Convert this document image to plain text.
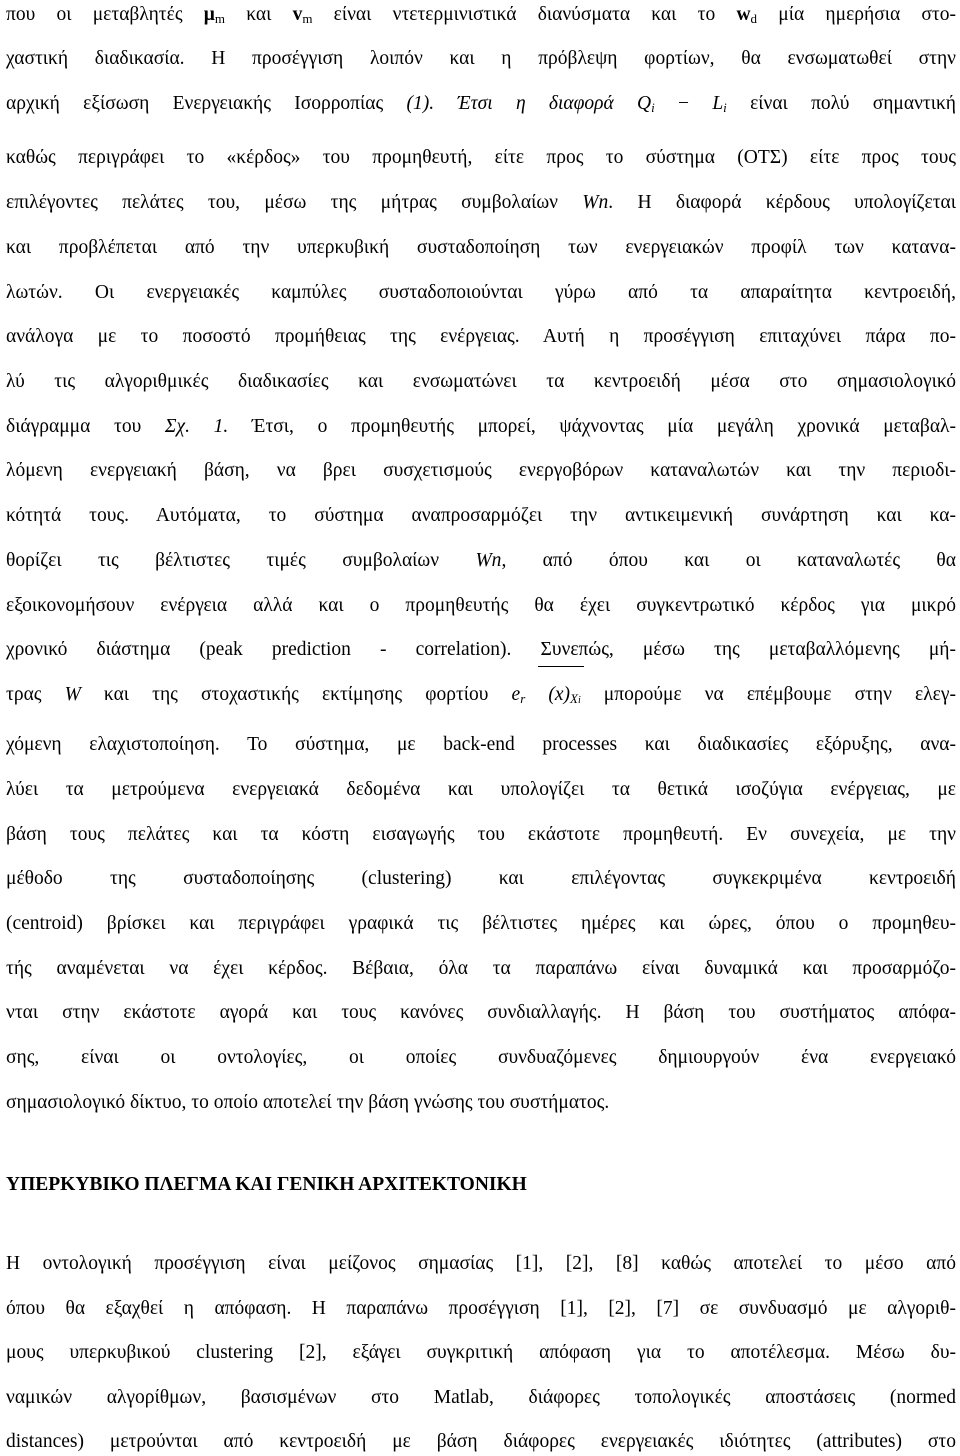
που οι μεταβλητές $\mu_m$ και $v_m$ είναι ντετερμινιστικά διανύσματα και το $w_d$ μία ημερήσια στο-
χαστική διαδικασία. Η προσέγγιση λοιπόν και η πρόβλεψη φορτίων, θα ενσωματωθεί στην
αρχική εξίσωση Ενεργειακής Ισορροπίας (1). Έτσι η διαφορά $Q_i - L_i$ είναι πολύ σημαντική
καθώς περιγράφει το «κέρδος» του προμηθευτή, είτε προς το σύστημα (ΟΤΣ) είτε προς τους
επιλέγοντες πελάτες του, μέσω της μήτρας συμβολαίων Wn. Η διαφορά κέρδους υπολογίζεται
και προβλέπεται από την υπερκυβική συσταδοποίηση των ενεργειακών προφίλ των καταvα-
λωτών. Οι ενεργειακές καμπύλες συσταδοποιούνται γύρω από τα απαραίτητα κεντροειδή,
ανάλογα με το ποσοστό προμήθειας της ενέργειας. Αυτή η προσέγγιση επιταχύνει πάρα πο-
λύ τις αλγοριθμικές διαδικασίες και ενσωματώνει τα κεντροειδή μέσα στο σημασιολογικό
διάγραμμα του Σχ. 1. Έτσι, ο προμηθευτής μπορεί, ψάχνοντας μία μεγάλη χρονικά μεταβαλ-
λόμενη ενεργειακή βάση, να βρει συσχετισμούς ενεργοβόρων καταναλωτών και την περιοδι-
κότητά τους. Αυτόματα, το σύστημα αναπροσαρμόζει την αντικειμενική συνάρτηση και κα-
θορίζει τις βέλτιστες τιμές συμβολαίων Wn, από όπου και οι καταναλωτές θα
εξοικονομήσουν ενέργεια αλλά και ο προμηθευτής θα έχει συγκεντρωτικό κέρδος για μικρό
χρονικό διάστημα (peak prediction - correlation). Συνεπώς, μέσω της μεταβαλλόμενης μή-
τρας W και της στοχαστικής εκτίμησης φορτίου $e_r$ $(x)_{Xi}$ μπορούμε να επέμβουμε στην ελεγ-
χόμενη ελαχιστοποίηση. Το σύστημα, με back-end processes και διαδικασίες εξόρυξης, ανα-
λύει τα μετρούμενα ενεργειακά δεδομένα και υπολογίζει τα θετικά ισοζύγια ενέργειας, με
βάση τους πελάτες και τα κόστη εισαγωγής του εκάστοτε προμηθευτή. Εν συνεχεία, με την
μέθοδο της συσταδοποίησης (clustering) και επιλέγοντας συγκεκριμένα κεντροειδή
(centroid) βρίσκει και περιγράφει γραφικά τις βέλτιστες ημέρες και ώρες, όπου ο προμηθευ-
τής αναμένεται να έχει κέρδος. Βέβαια, όλα τα παραπάνω είναι δυναμικά και προσαρμόζο-
νται στην εκάστοτε αγορά και τους κανόνες συνδιαλλαγής. Η βάση του συστήματος απόφα-
σης, είναι οι οντολογίες, οι οποίες συνδυαζόμενες δημιουργούν ένα ενεργειακό
σημασιολογικό δίκτυο, το οποίο αποτελεί την βάση γνώσης του συστήματος.
ΥΠΕΡΚΥΒΙΚΟ ΠΛΕΓΜΑ ΚΑΙ ΓΕΝΙΚΗ ΑΡΧΙΤΕΚΤΟΝΙΚΗ
Η οντολογική προσέγγιση είναι μείζονος σημασίας [1], [2], [8] καθώς αποτελεί το μέσο από
όπου θα εξαχθεί η απόφαση. Η παραπάνω προσέγγιση [1], [2], [7] σε συνδυασμό με αλγοριθ-
μους υπερκυβικού clustering [2], εξάγει συγκριτική απόφαση για το αποτέλεσμα. Μέσω δυ-
ναμικών αλγορίθμων, βασισμένων στο Matlab, διάφορες τοπολογικές αποστάσεις (normed
distances) μετρούνται από κεντροειδή με βάση διάφορες ενεργειακές ιδιότητες (attributes) στο
